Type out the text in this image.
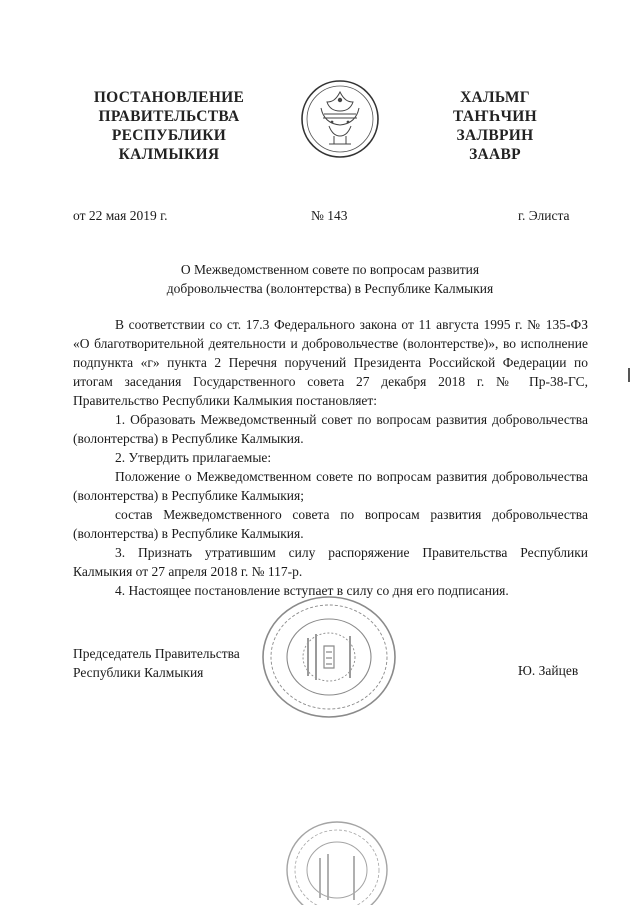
ПОСТАНОВЛЕНИЕ
ПРАВИТЕЛЬСТВА
РЕСПУБЛИКИ
КАЛМЫКИЯ
ХАЛЬМГ
ТАҤҺЧИН
ЗАЛВРИН
ЗААВР
от 22 мая 2019 г.	№ 143	г. Элиста
О Межведомственном совете по вопросам развития
добровольчества (волонтерства) в Республике Калмыкия
В соответствии со ст. 17.3 Федерального закона от 11 августа 1995 г. № 135-ФЗ «О благотворительной деятельности и добровольчестве (волонтерстве)», во исполнение подпункта «г» пункта 2 Перечня поручений Президента Российской Федерации по итогам заседания Государственного совета 27 декабря 2018 г. № Пр-38-ГС, Правительство Республики Калмыкия постановляет:
1. Образовать Межведомственный совет по вопросам развития добровольчества (волонтерства) в Республике Калмыкия.
2. Утвердить прилагаемые:
Положение о Межведомственном совете по вопросам развития добровольчества (волонтерства) в Республике Калмыкия;
состав Межведомственного совета по вопросам развития добровольчества (волонтерства) в Республике Калмыкия.
3. Признать утратившим силу распоряжение Правительства Республики Калмыкия от 27 апреля 2018 г. № 117-р.
4. Настоящее постановление вступает в силу со дня его подписания.
Председатель Правительства
Республики Калмыкия	Ю. Зайцев
